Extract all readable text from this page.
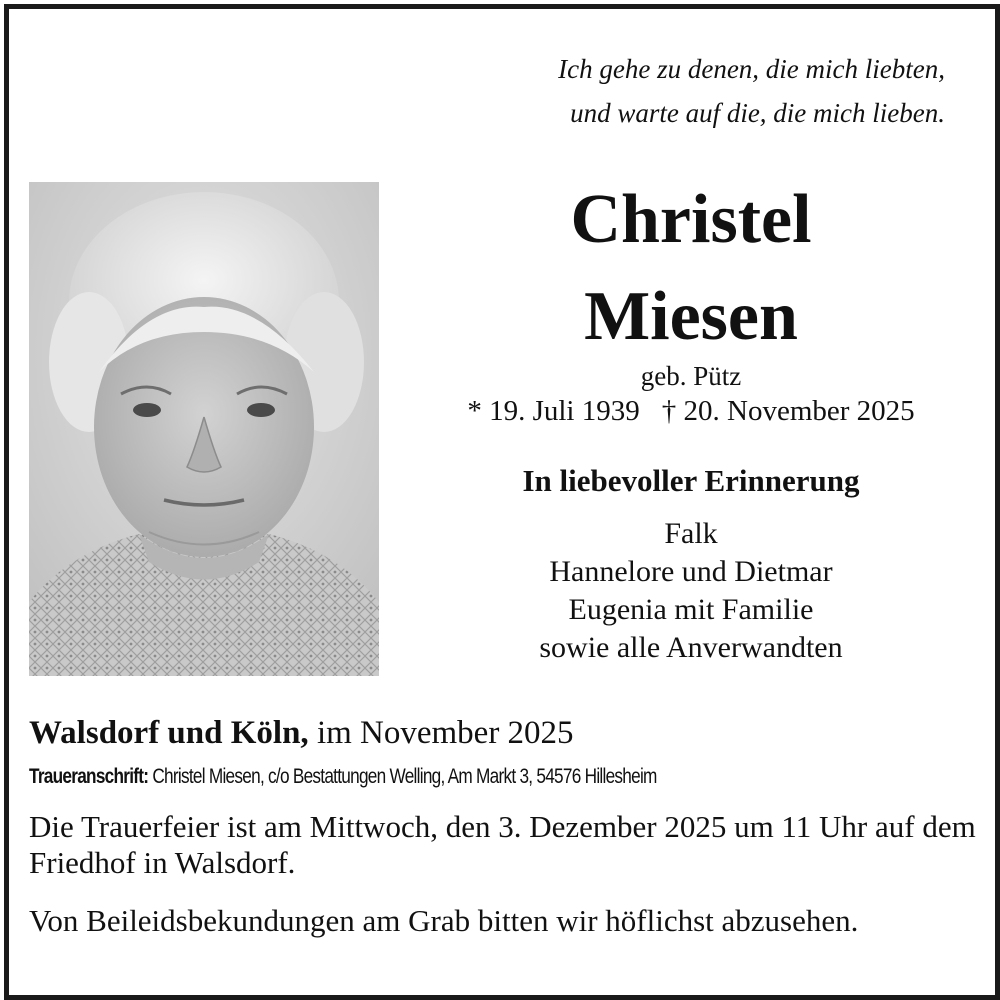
Ich gehe zu denen, die mich liebten,
und warte auf die, die mich lieben.
Christel
Miesen
geb. Pütz
* 19. Juli 1939 † 20. November 2025
In liebevoller Erinnerung
Falk
Hannelore und Dietmar
Eugenia mit Familie
sowie alle Anverwandten
Walsdorf und Köln, im November 2025
Traueranschrift: Christel Miesen, c/o Bestattungen Welling, Am Markt 3, 54576 Hillesheim
Die Trauerfeier ist am Mittwoch, den 3. Dezember 2025 um 11 Uhr auf dem Friedhof in Walsdorf.
Von Beileidsbekundungen am Grab bitten wir höflichst abzusehen.
